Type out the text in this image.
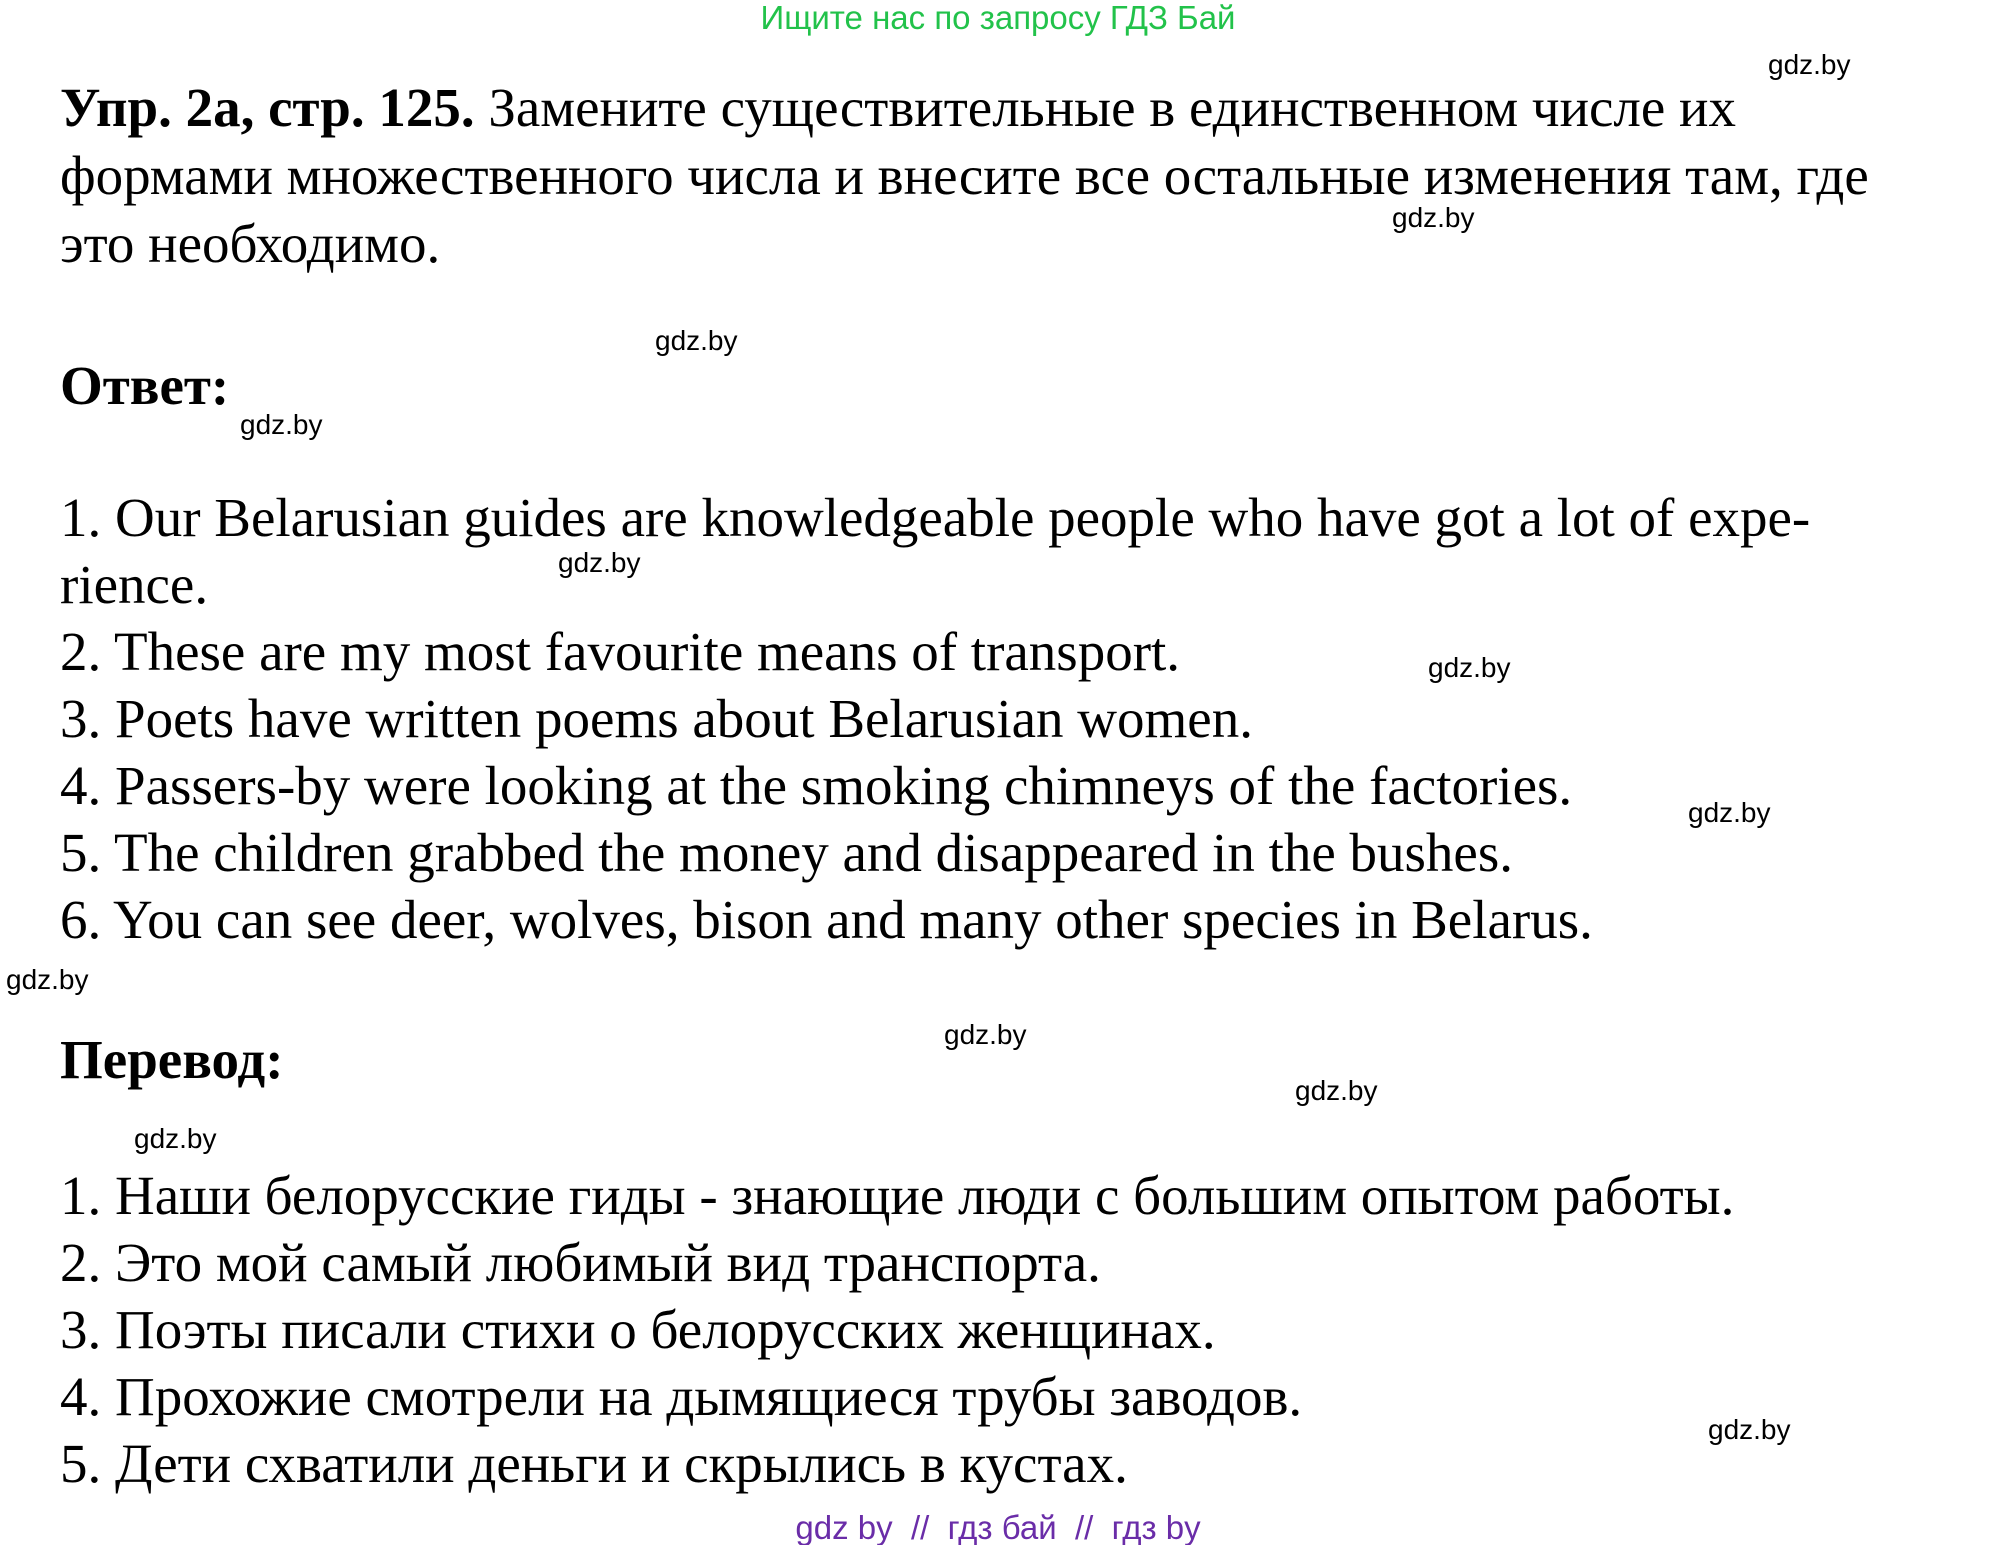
Ищите нас по запросу ГДЗ Бай

Упр. 2а, стр. 125. Замените существительные в единственном числе их формами множественного числа и внесите все остальные изменения там, где это необходимо.

Ответ:

1. Our Belarusian guides are knowledgeable people who have got a lot of expe- rience.
2. These are my most favourite means of transport.
3. Poets have written poems about Belarusian women.
4. Passers-by were looking at the smoking chimneys of the factories.
5. The children grabbed the money and disappeared in the bushes.
6. You can see deer, wolves, bison and many other species in Belarus.

Перевод:

1. Наши белорусские гиды - знающие люди с большим опытом работы.
2. Это мой самый любимый вид транспорта.
3. Поэты писали стихи о белорусских женщинах.
4. Прохожие смотрели на дымящиеся трубы заводов.
5. Дети схватили деньги и скрылись в кустах.
gdz.by
gdz.by
gdz.by
gdz.by
gdz.by
gdz.by
gdz.by
gdz.by
gdz.by
gdz.by
gdz.by
gdz.by
gdz by  //  гдз бай  //  гдз by
